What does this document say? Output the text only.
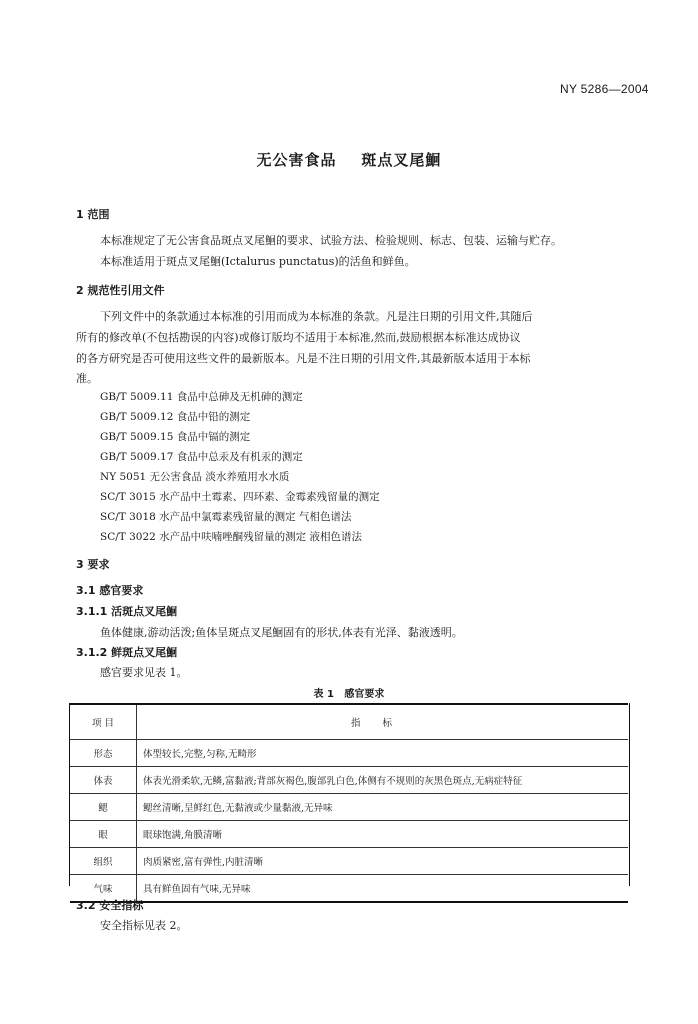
NY 5286—2004
无公害食品    斑点叉尾鮰
1 范围
本标准规定了无公害食品斑点叉尾鮰的要求、试验方法、检验规则、标志、包装、运输与贮存。
本标准适用于斑点叉尾鮰(Ictalurus punctatus)的活鱼和鲜鱼。
2 规范性引用文件
下列文件中的条款通过本标准的引用而成为本标准的条款。凡是注日期的引用文件,其随后
所有的修改单(不包括勘误的内容)或修订版均不适用于本标准,然而,鼓励根据本标准达成协议
的各方研究是否可使用这些文件的最新版本。凡是不注日期的引用文件,其最新版本适用于本标
准。
GB/T 5009.11 食品中总砷及无机砷的测定
GB/T 5009.12 食品中铅的测定
GB/T 5009.15 食品中镉的测定
GB/T 5009.17 食品中总汞及有机汞的测定
NY 5051 无公害食品 淡水养殖用水水质
SC/T 3015 水产品中土霉素、四环素、金霉素残留量的测定
SC/T 3018 水产品中氯霉素残留量的测定 气相色谱法
SC/T 3022 水产品中呋喃唑酮残留量的测定 液相色谱法
3 要求
3.1 感官要求
3.1.1 活斑点叉尾鮰
鱼体健康,游动活泼;鱼体呈斑点叉尾鮰固有的形状,体表有光泽、黏液透明。
3.1.2 鲜斑点叉尾鮰
感官要求见表 1。
表 1   感官要求
项 目	指标
形态	体型较长,完整,匀称,无畸形
体表	体表光滑柔软,无鳞,富黏液;背部灰褐色,腹部乳白色,体侧有不规则的灰黑色斑点,无病症特征
鳃	鳃丝清晰,呈鲜红色,无黏液或少量黏液,无异味
眼	眼球饱满,角膜清晰
组织	肉质紧密,富有弹性,内脏清晰
气味	具有鲜鱼固有气味,无异味
3.2 安全指标
安全指标见表 2。
